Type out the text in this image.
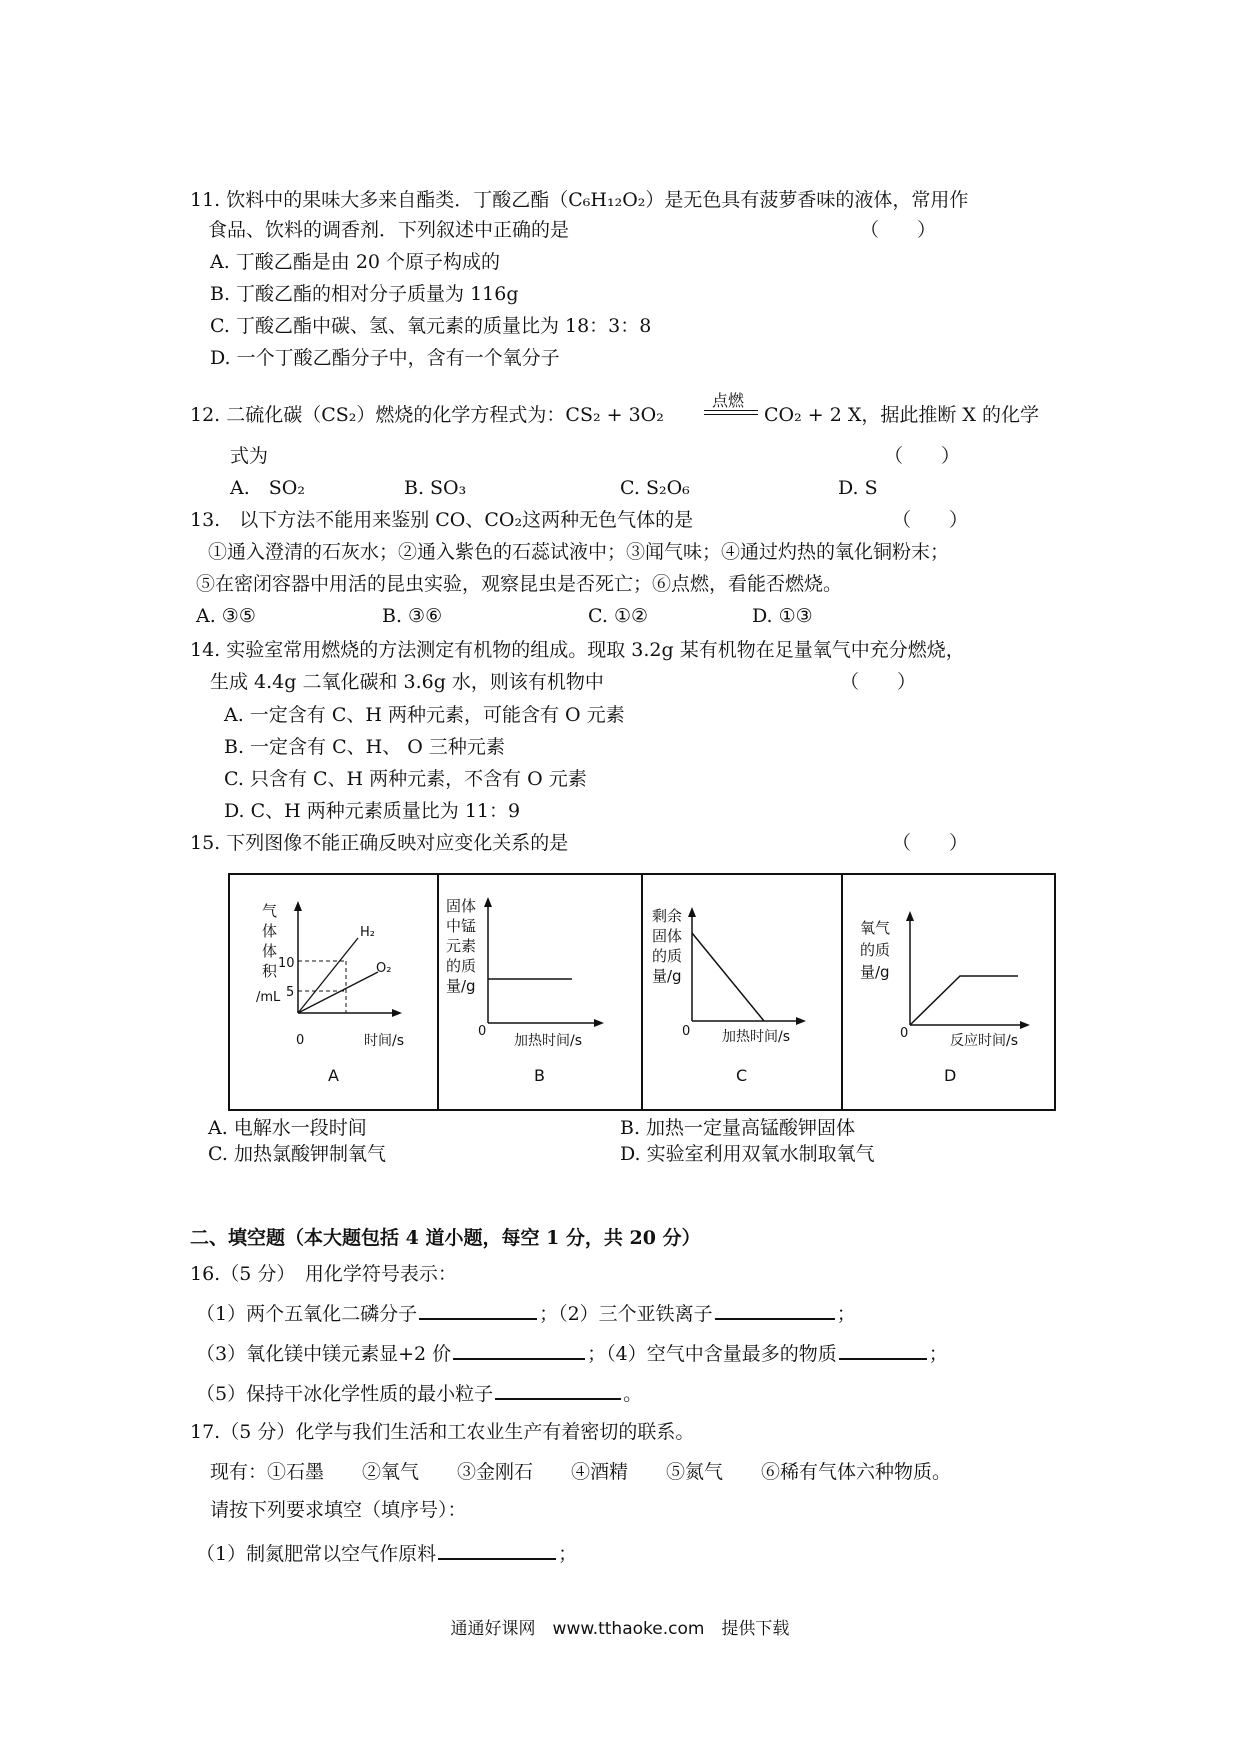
11. 饮料中的果味大多来自酯类．丁酸乙酯（C₆H₁₂O₂）是无色具有菠萝香味的液体，常用作
食品、饮料的调香剂．下列叙述中正确的是	（　　）
A. 丁酸乙酯是由 20 个原子构成的
B. 丁酸乙酯的相对分子质量为 116g
C. 丁酸乙酯中碳、氢、氧元素的质量比为 18：3：8
D. 一个丁酸乙酯分子中，含有一个氧分子
12. 二硫化碳（CS₂）燃烧的化学方程式为：CS₂ + 3O₂
点燃
CO₂ + 2 X，据此推断 X 的化学
式为	（　　）
A.　SO₂	B. SO₃	C. S₂O₆	D. S
13.　以下方法不能用来鉴别 CO、CO₂这两种无色气体的是	（　　）
①通入澄清的石灰水；②通入紫色的石蕊试液中；③闻气味；④通过灼热的氧化铜粉末；
⑤在密闭容器中用活的昆虫实验，观察昆虫是否死亡；⑥点燃，看能否燃烧。
A. ③⑤	B. ③⑥	C. ①②	D. ①③
14. 实验室常用燃烧的方法测定有机物的组成。现取 3.2g 某有机物在足量氧气中充分燃烧，
生成 4.4g 二氧化碳和 3.6g 水，则该有机物中	（　　）
A. 一定含有 C、H 两种元素，可能含有 O 元素
B. 一定含有 C、H、 O 三种元素
C. 只含有 C、H 两种元素，不含有 O 元素
D. C、H 两种元素质量比为 11：9
15. 下列图像不能正确反映对应变化关系的是	（　　）
气
体
体
积
/mL
10
5
H₂
O₂
0	时间/s
A
固体
中锰
元素
的质
量/g
0
加热时间/s
B
剩余
固体
的质
量/g
0 加热时间/s
C
氧气
的质
量/g
0	反应时间/s
D
A. 电解水一段时间	B. 加热一定量高锰酸钾固体
C. 加热氯酸钾制氧气	D. 实验室利用双氧水制取氧气
二、填空题（本大题包括 4 道小题，每空 1 分，共 20 分）
16.（5 分）　用化学符号表示：
（1）两个五氧化二磷分子	；（2）三个亚铁离子	；
（3）氧化镁中镁元素显+2 价	；（4）空气中含量最多的物质	；
（5）保持干冰化学性质的最小粒子	。
17.（5 分）化学与我们生活和工农业生产有着密切的联系。
现有：①石墨　　②氧气　　③金刚石　　④酒精　　⑤氮气　　⑥稀有气体六种物质。
请按下列要求填空（填序号）：
（1）制氮肥常以空气作原料	；
通通好课网　www.tthaoke.com　提供下载
